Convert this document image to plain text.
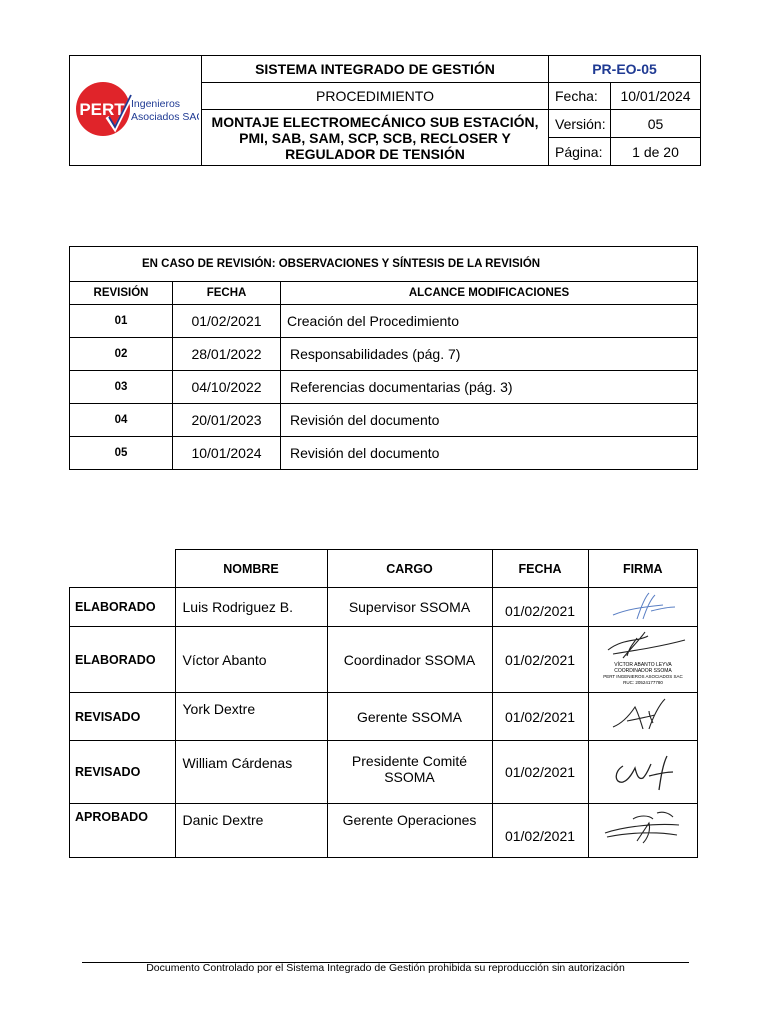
PERT Ingenieros
Asociados SAC	SISTEMA INTEGRADO DE GESTIÓN	PR-EO-05	
	PROCEDIMIENTO	Fecha:	10/01/2024
	MONTAJE ELECTROMECÁNICO SUB ESTACIÓN, PMI, SAB, SAM, SCP, SCB, RECLOSER Y REGULADOR DE TENSIÓN	Versión:	05
		Página:	1 de 20
EN CASO DE REVISIÓN: OBSERVACIONES Y SÍNTESIS DE LA REVISIÓN		
REVISIÓN	FECHA	ALCANCE MODIFICACIONES
01	01/02/2021	Creación del Procedimiento
02	28/01/2022	Responsabilidades (pág. 7)
03	04/10/2022	Referencias documentarias (pág. 3)
04	20/01/2023	Revisión del documento
05	10/01/2024	Revisión del documento
	NOMBRE	CARGO	FECHA	FIRMA
ELABORADO	Luis Rodriguez B.	Supervisor SSOMA	01/02/2021	
ELABORADO	Víctor Abanto	Coordinador SSOMA	01/02/2021	VÍCTOR ABANTO LEYVA
COORDINADOR SSOMA
PERT INGENIEROS ASOCIADOS SAC
RUC: 20524177780

REVISADO	York Dextre	Gerente SSOMA	01/02/2021	
REVISADO	William Cárdenas	Presidente Comité SSOMA	01/02/2021	
APROBADO	Danic Dextre	Gerente Operaciones	01/02/2021	
Documento Controlado por el Sistema Integrado de Gestión prohibida su reproducción sin autorización
